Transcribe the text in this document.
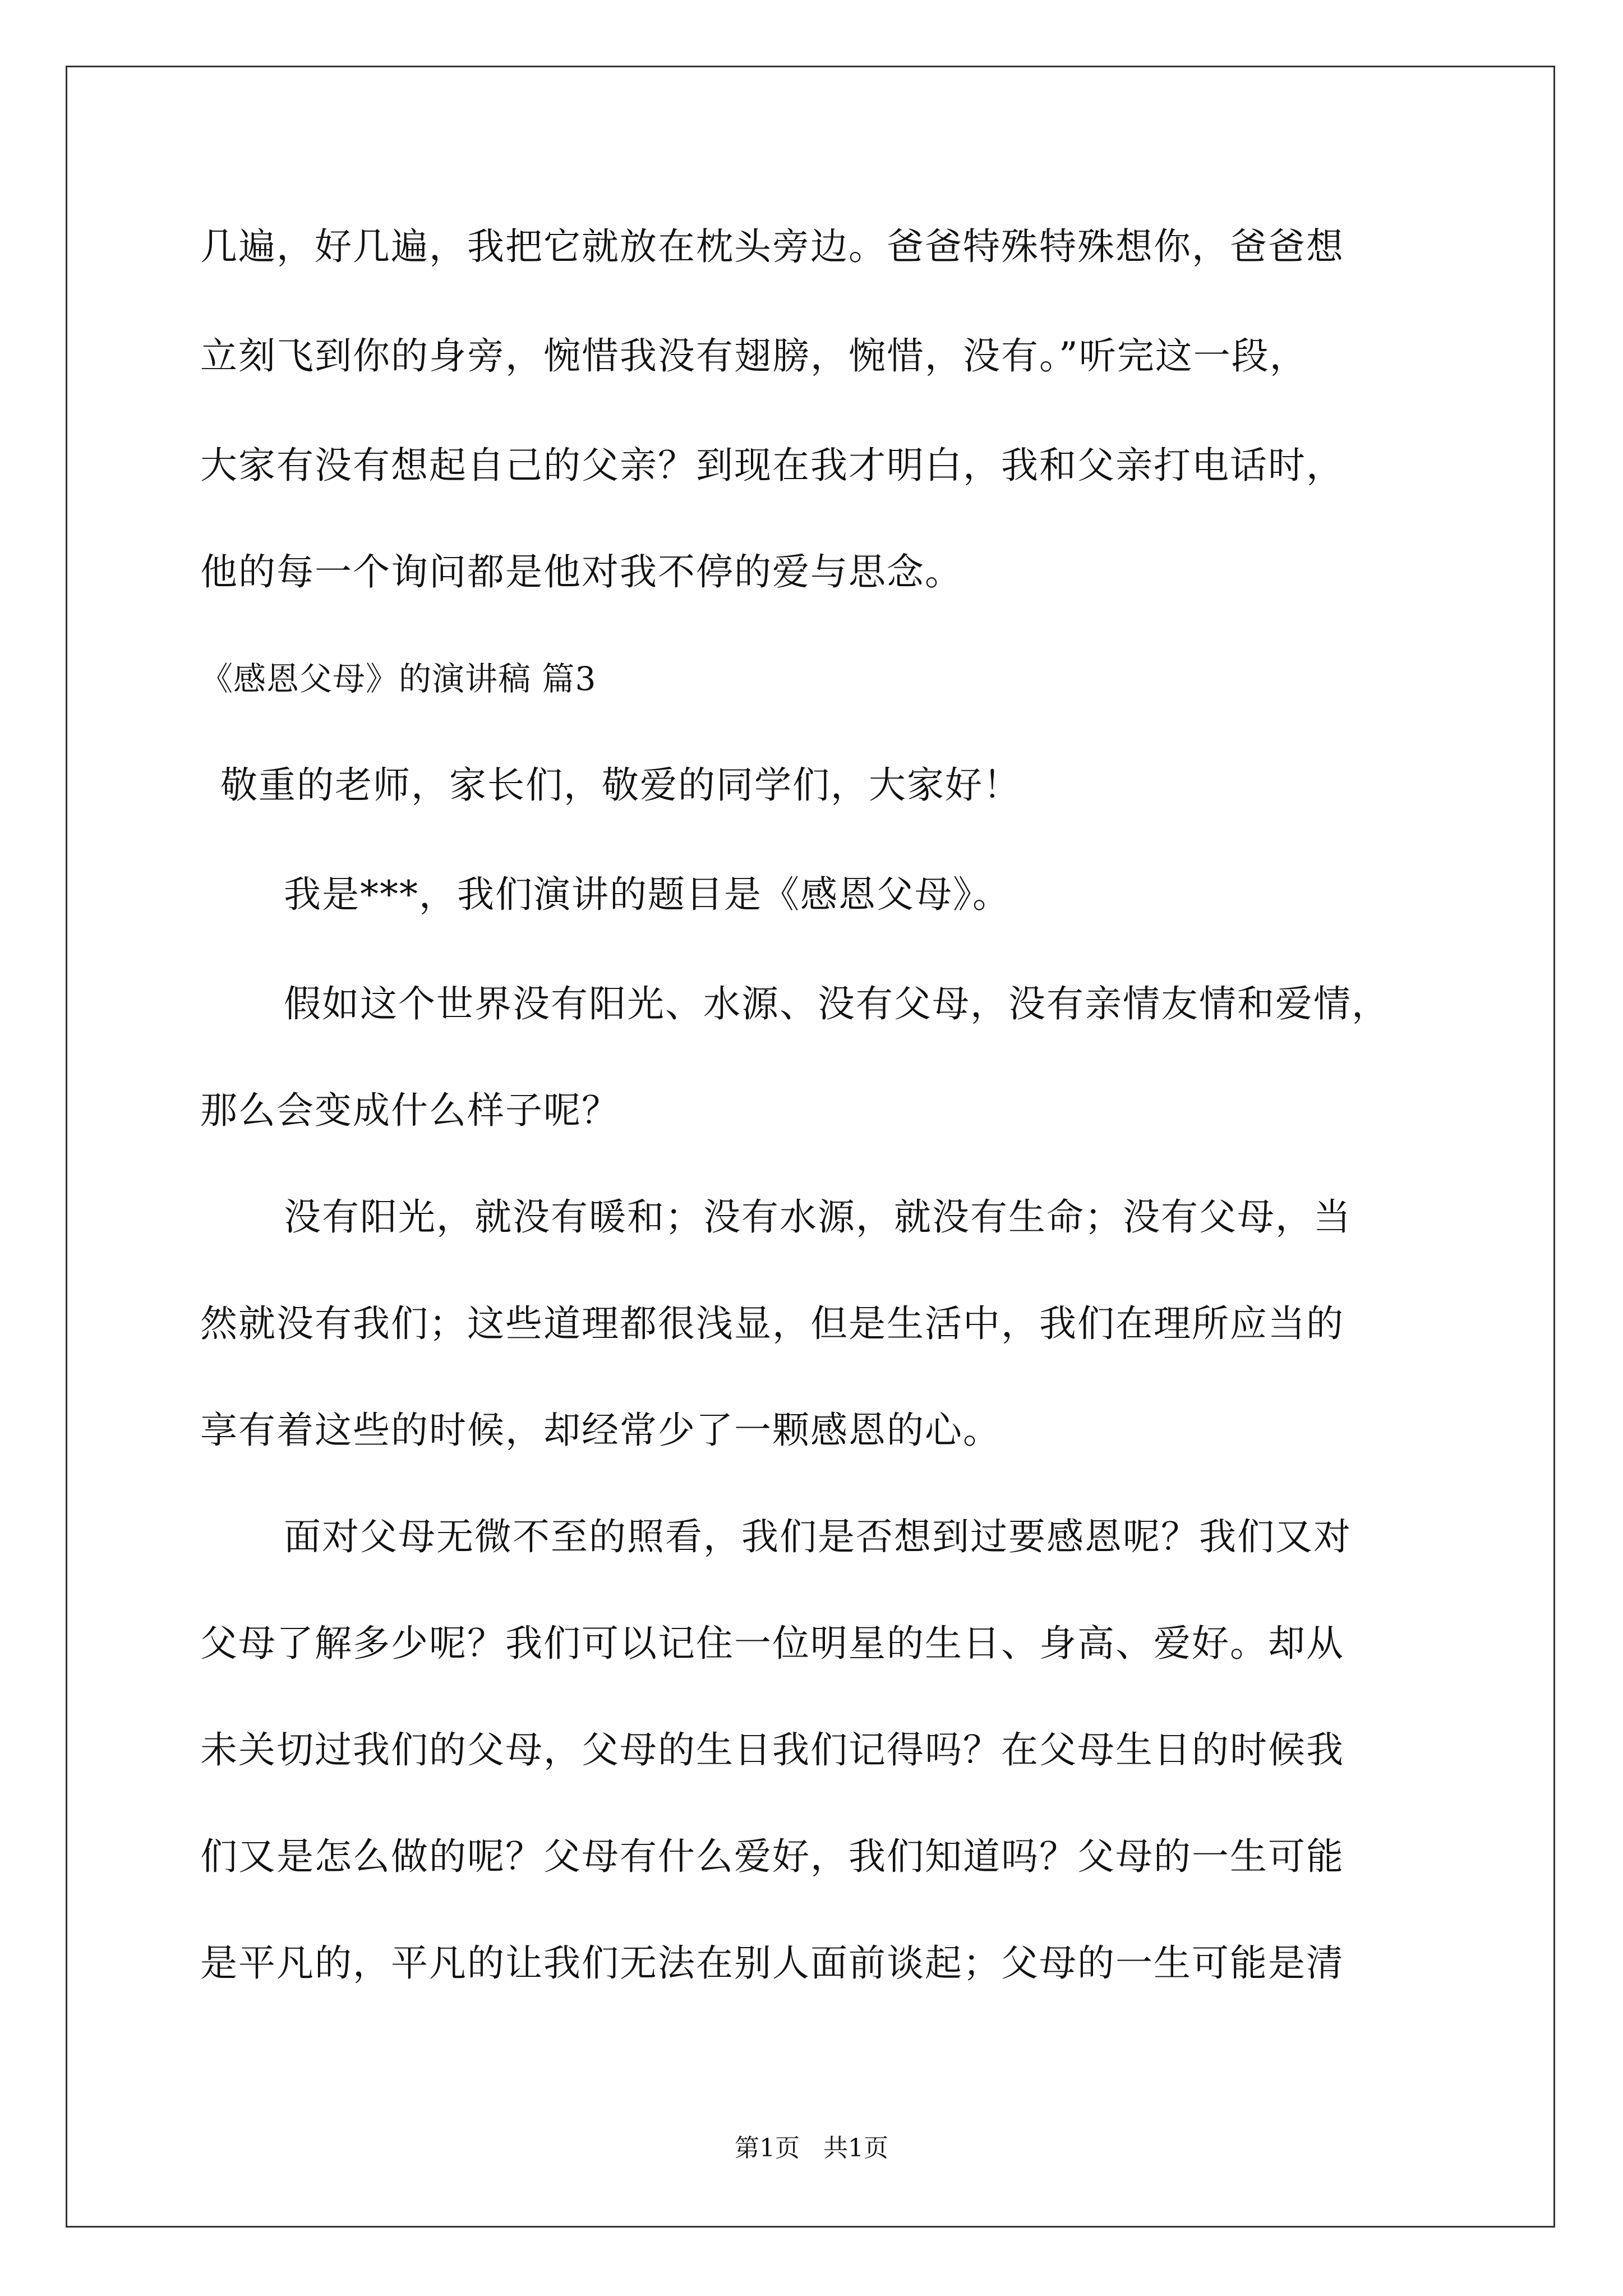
几遍，好几遍，我把它就放在枕头旁边。爸爸特殊特殊想你，爸爸想

立刻飞到你的身旁，惋惜我没有翅膀，惋惜，没有。”听完这一段，

大家有没有想起自己的父亲？到现在我才明白，我和父亲打电话时，

他的每一个询问都是他对我不停的爱与思念。

《感恩父母》的演讲稿 篇3

敬重的老师，家长们，敬爱的同学们，大家好！

我是***，我们演讲的题目是《感恩父母》。

假如这个世界没有阳光、水源、没有父母，没有亲情友情和爱情，

那么会变成什么样子呢？

没有阳光，就没有暖和；没有水源，就没有生命；没有父母，当

然就没有我们；这些道理都很浅显，但是生活中，我们在理所应当的

享有着这些的时候，却经常少了一颗感恩的心。

面对父母无微不至的照看，我们是否想到过要感恩呢？我们又对

父母了解多少呢？我们可以记住一位明星的生日、身高、爱好。却从

未关切过我们的父母，父母的生日我们记得吗？在父母生日的时候我

们又是怎么做的呢？父母有什么爱好，我们知道吗？父母的一生可能

是平凡的，平凡的让我们无法在别人面前谈起；父母的一生可能是清

第1页   共1页
